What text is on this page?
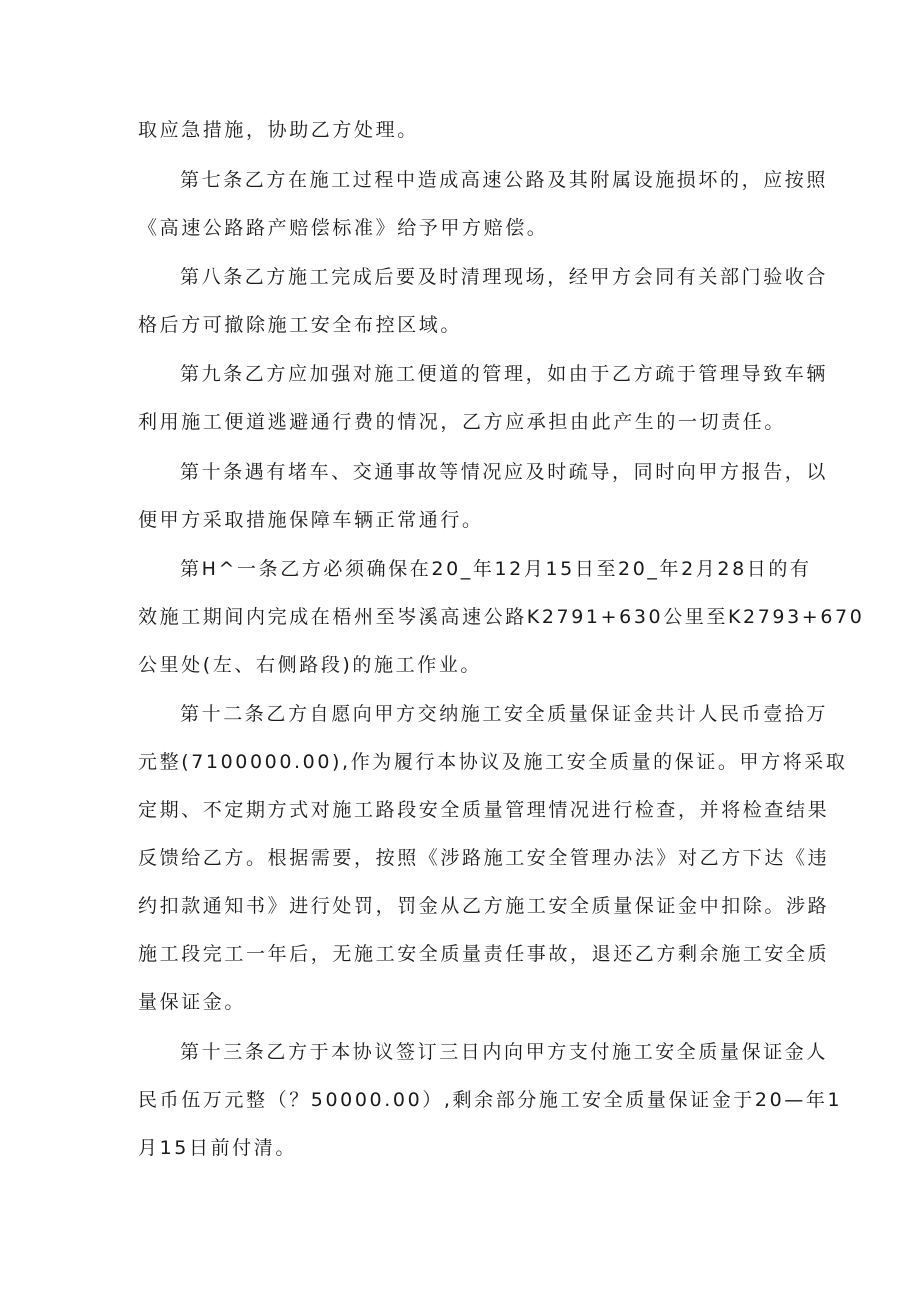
取应急措施，协助乙方处理。
第七条乙方在施工过程中造成高速公路及其附属设施损坏的，应按照
《高速公路路产赔偿标准》给予甲方赔偿。
第八条乙方施工完成后要及时清理现场，经甲方会同有关部门验收合
格后方可撤除施工安全布控区域。
第九条乙方应加强对施工便道的管理，如由于乙方疏于管理导致车辆
利用施工便道逃避通行费的情况，乙方应承担由此产生的一切责任。
第十条遇有堵车、交通事故等情况应及时疏导，同时向甲方报告，以
便甲方采取措施保障车辆正常通行。
第H^一条乙方必须确保在20_年12月15日至20_年2月28日的有
效施工期间内完成在梧州至岑溪高速公路K2791+630公里至K2793+670
公里处(左、右侧路段)的施工作业。
第十二条乙方自愿向甲方交纳施工安全质量保证金共计人民币壹拾万
元整(7100000.00),作为履行本协议及施工安全质量的保证。甲方将采取
定期、不定期方式对施工路段安全质量管理情况进行检查，并将检查结果
反馈给乙方。根据需要，按照《涉路施工安全管理办法》对乙方下达《违
约扣款通知书》进行处罚，罚金从乙方施工安全质量保证金中扣除。涉路
施工段完工一年后，无施工安全质量责任事故，退还乙方剩余施工安全质
量保证金。
第十三条乙方于本协议签订三日内向甲方支付施工安全质量保证金人
民币伍万元整（？50000.00）,剩余部分施工安全质量保证金于20—年1
月15日前付清。
